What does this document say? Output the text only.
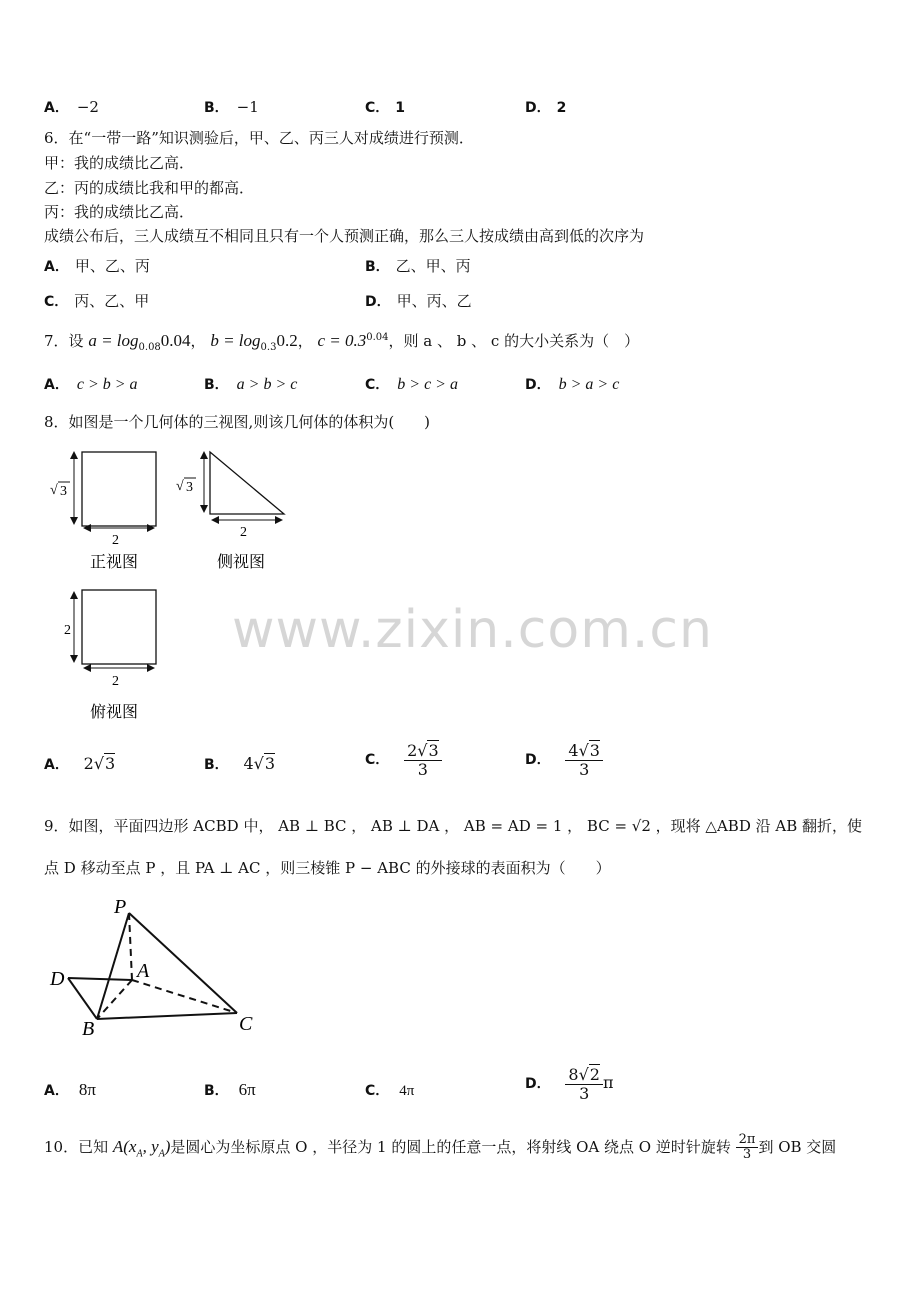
A． −2	B． −1	C． 1	D． 2
6．在“一带一路”知识测验后，甲、乙、丙三人对成绩进行预测．
甲：我的成绩比乙高．
乙：丙的成绩比我和甲的都高．
丙：我的成绩比乙高．
成绩公布后，三人成绩互不相同且只有一个人预测正确，那么三人按成绩由高到低的次序为
A． 甲、乙、丙	B． 乙、甲、丙
C． 丙、乙、甲	D． 甲、丙、乙
7．设 $a = \log_{0.08}0.04$， $b = \log_{0.3}0.2$， $c = 0.3^{0.04}$，则 a 、 b 、 c 的大小关系为（　）
A． c > b > a	B． a > b > c	C． b > c > a	D． b > a > c
8．如图是一个几何体的三视图,则该几何体的体积为(　　)
√ 3
2
正视图
√ 3
2
侧视图
2
2
俯视图
www.zixin.com.cn
A． 2√3	B． 4√3	C． $\frac{2√3}{3}$	D． $\frac{4√3}{3}$
9．如图，平面四边形 ACBD 中， AB ⊥ BC ， AB ⊥ DA ， AB = AD = 1 ， BC = √2 ，现将 △ABD 沿 AB 翻折，使
点 D 移动至点 P ，且 PA ⊥ AC ，则三棱锥 P − ABC 的外接球的表面积为（　　）
P
A
D
B	C
A． 8π	B． 6π	C． 4π	D． $\frac{8√2}{3}$ π
10．已知 $A(x_A$, $y_A$)是圆心为坐标原点 O ，半径为 1 的圆上的任意一点，将射线 OA 绕点 O 逆时针旋转 $\frac{2\pi}{3}$ 到 OB 交圆
